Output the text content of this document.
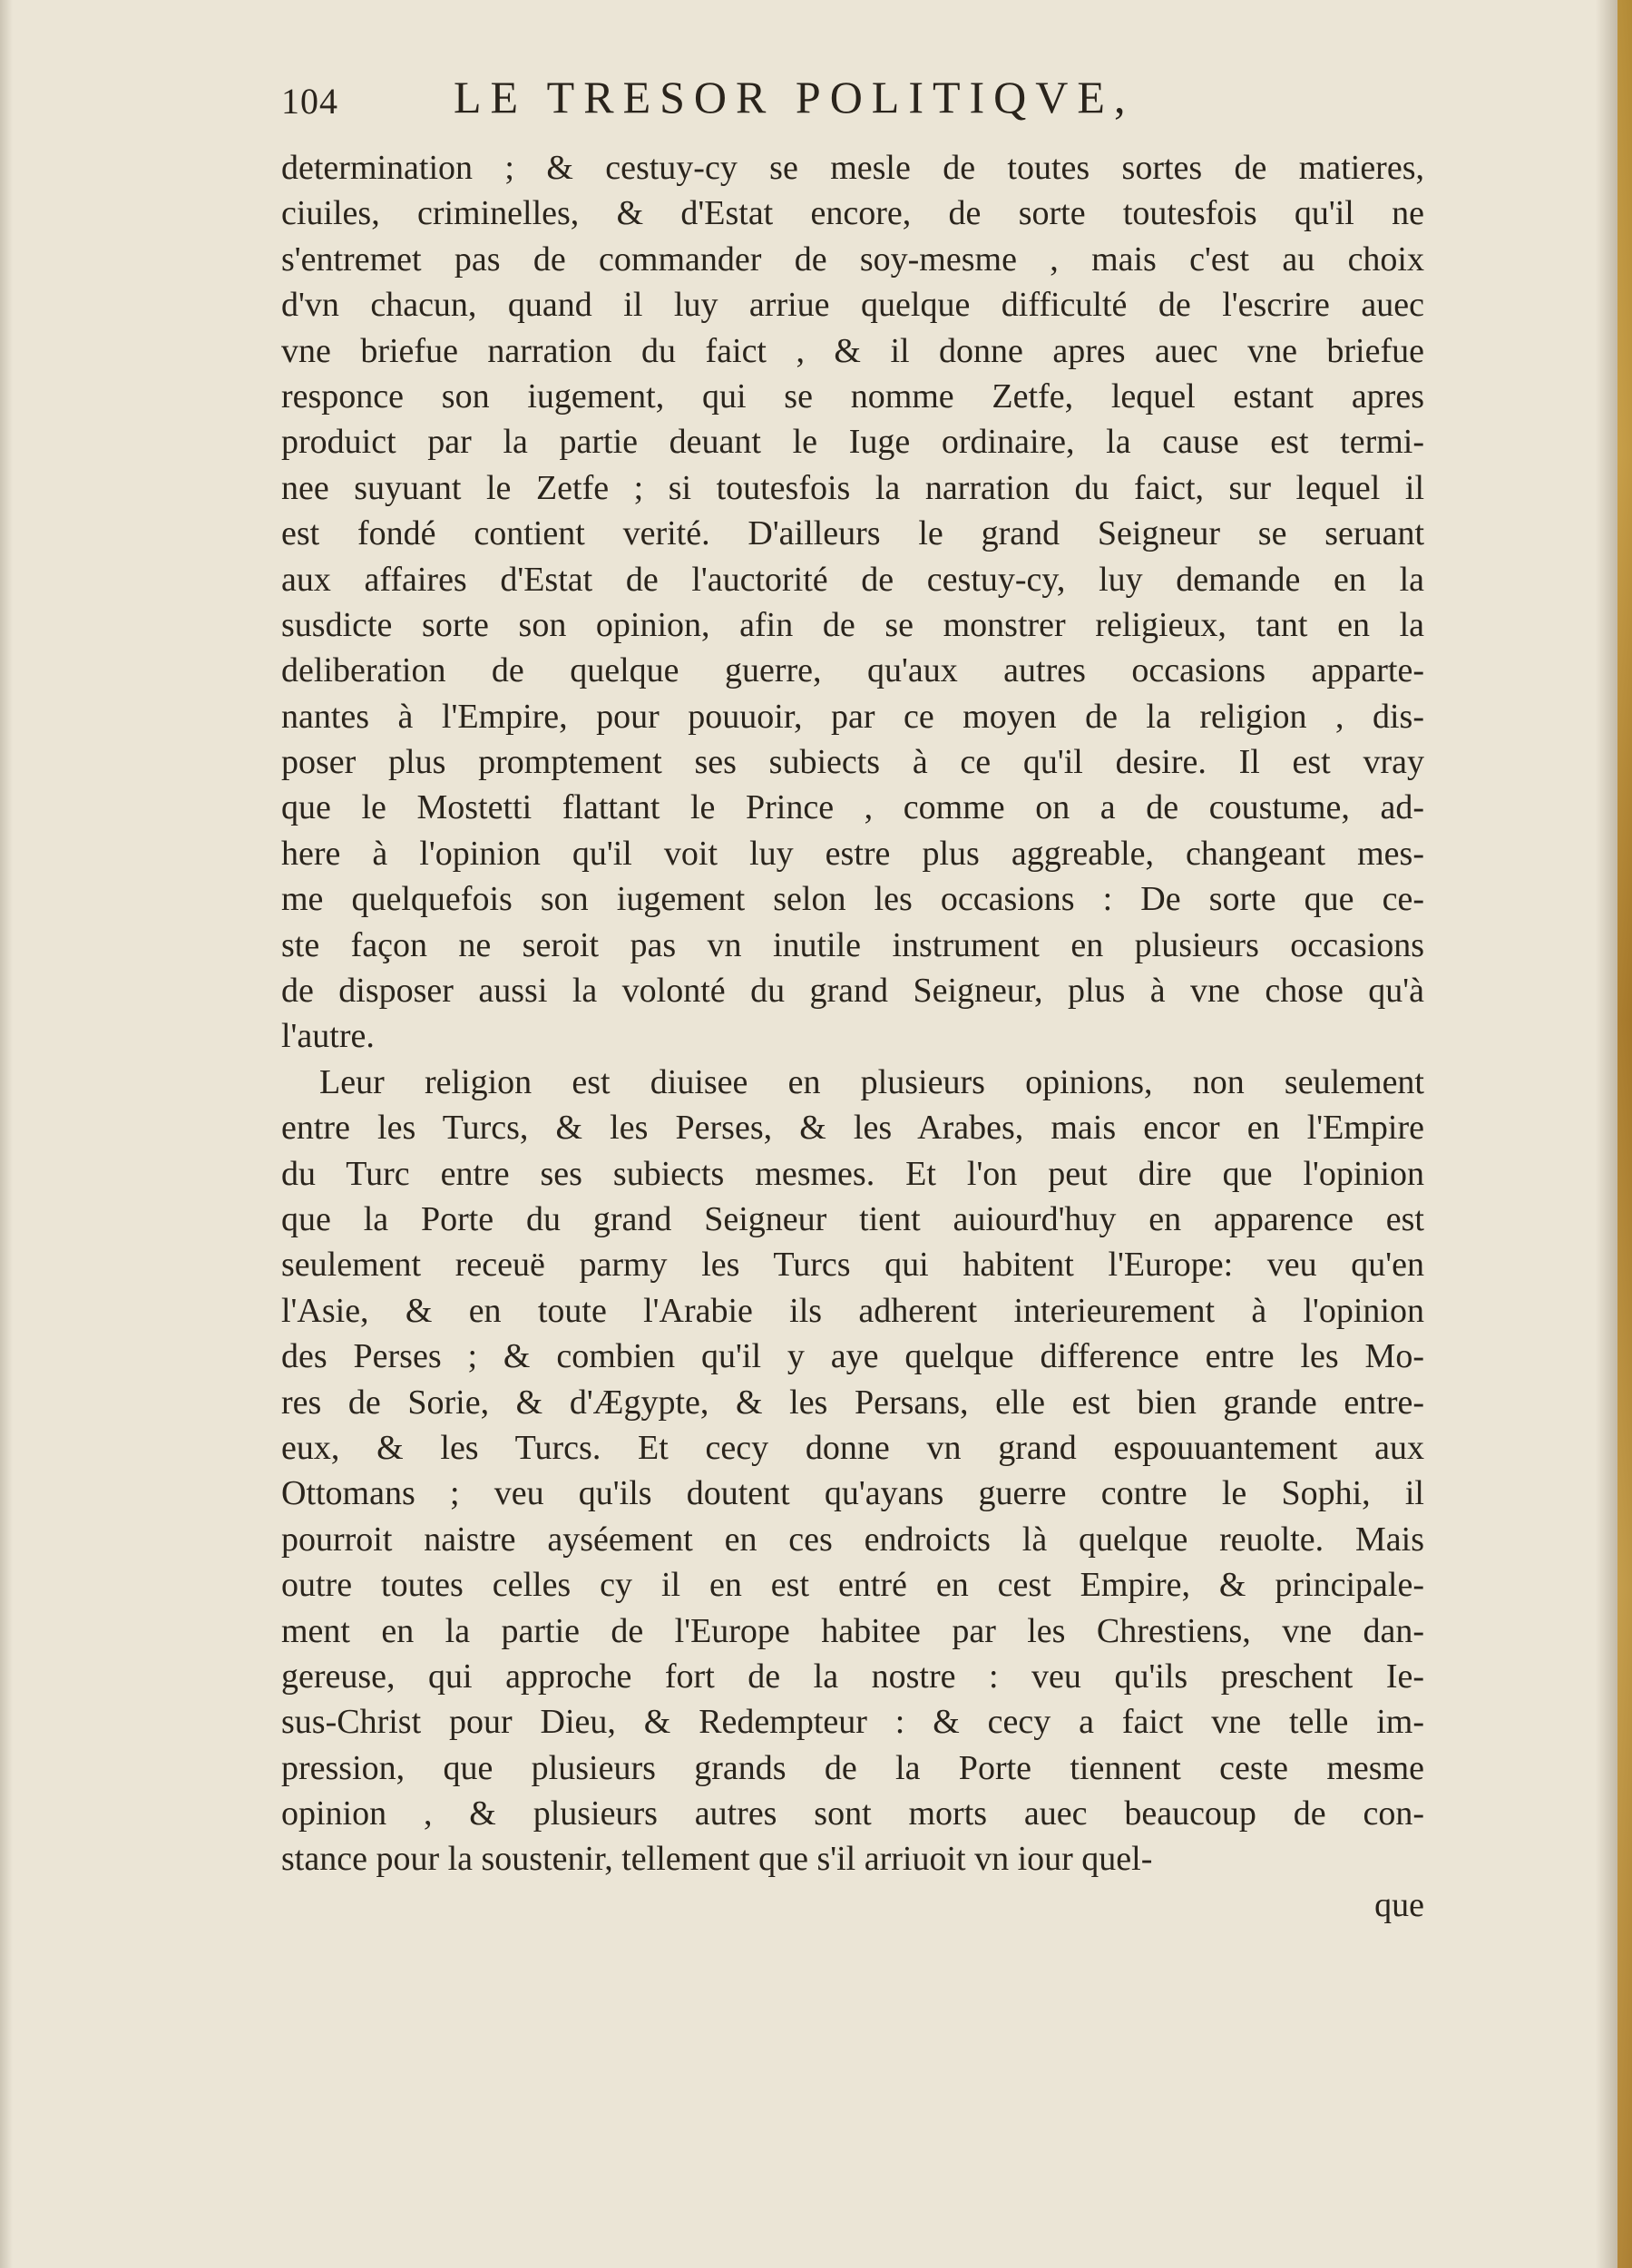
104	LE TRESOR POLITIQVE,
determination ; & cestuy-cy se mesle de toutes sortes de matieres,
ciuiles, criminelles, & d'Estat encore, de sorte toutesfois qu'il ne
s'entremet pas de commander de soy-mesme , mais c'est au choix
d'vn chacun, quand il luy arriue quelque difficulté de l'escrire auec
vne briefue narration du faict , & il donne apres auec vne briefue
responce son iugement, qui se nomme Zetfe, lequel estant apres
produict par la partie deuant le Iuge ordinaire, la cause est termi-
nee suyuant le Zetfe ; si toutesfois la narration du faict, sur lequel il
est fondé contient verité. D'ailleurs le grand Seigneur se seruant
aux affaires d'Estat de l'auctorité de cestuy-cy, luy demande en la
susdicte sorte son opinion, afin de se monstrer religieux, tant en la
deliberation de quelque guerre, qu'aux autres occasions apparte-
nantes à l'Empire, pour pouuoir, par ce moyen de la religion , dis-
poser plus promptement ses subiects à ce qu'il desire. Il est vray
que le Mostetti flattant le Prince , comme on a de coustume, ad-
here à l'opinion qu'il voit luy estre plus aggreable, changeant mes-
me quelquefois son iugement selon les occasions : De sorte que ce-
ste façon ne seroit pas vn inutile instrument en plusieurs occasions
de disposer aussi la volonté du grand Seigneur, plus à vne chose qu'à
l'autre.
Leur religion est diuisee en plusieurs opinions, non seulement
entre les Turcs, & les Perses, & les Arabes, mais encor en l'Empire
du Turc entre ses subiects mesmes. Et l'on peut dire que l'opinion
que la Porte du grand Seigneur tient auiourd'huy en apparence est
seulement receuë parmy les Turcs qui habitent l'Europe: veu qu'en
l'Asie, & en toute l'Arabie ils adherent interieurement à l'opinion
des Perses ; & combien qu'il y aye quelque difference entre les Mo-
res de Sorie, & d'Ægypte, & les Persans, elle est bien grande entre-
eux, & les Turcs. Et cecy donne vn grand espouuantement aux
Ottomans ; veu qu'ils doutent qu'ayans guerre contre le Sophi, il
pourroit naistre ayséement en ces endroicts là quelque reuolte. Mais
outre toutes celles cy il en est entré en cest Empire, & principale-
ment en la partie de l'Europe habitee par les Chrestiens, vne dan-
gereuse, qui approche fort de la nostre : veu qu'ils preschent Ie-
sus-Christ pour Dieu, & Redempteur : & cecy a faict vne telle im-
pression, que plusieurs grands de la Porte tiennent ceste mesme
opinion , & plusieurs autres sont morts auec beaucoup de con-
stance pour la soustenir, tellement que s'il arriuoit vn iour quel-
que
